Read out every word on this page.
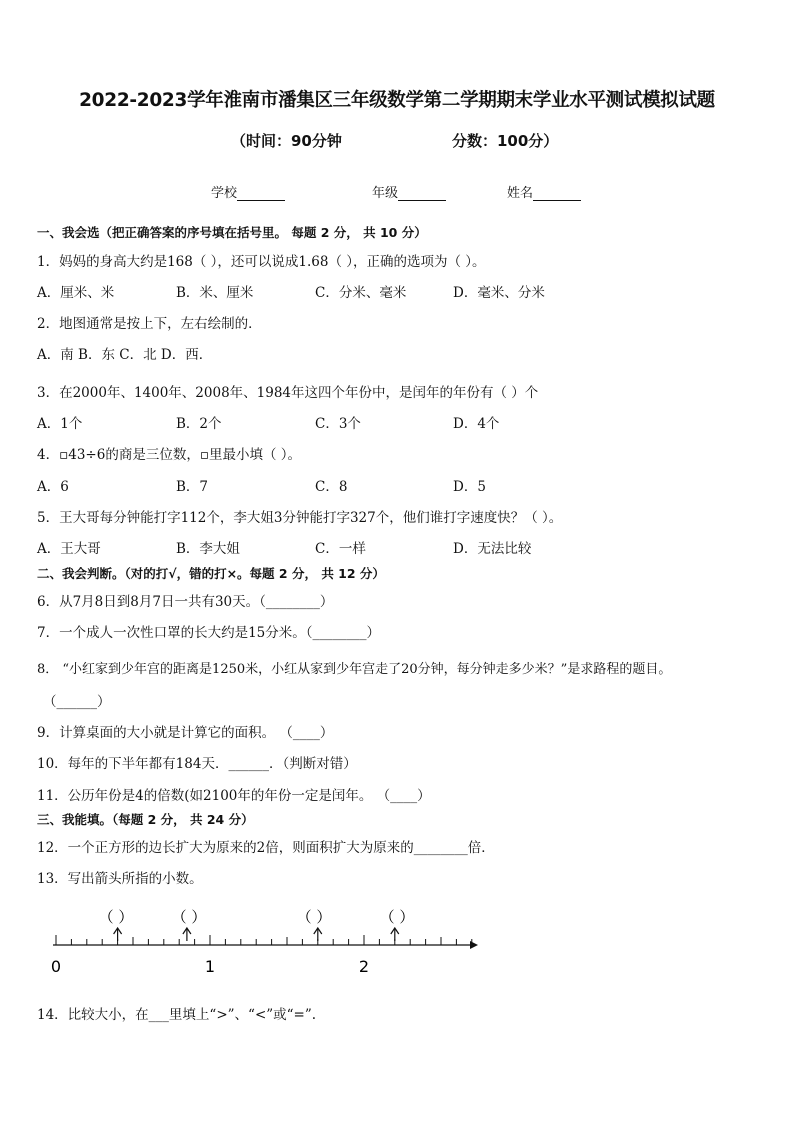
2022-2023学年淮南市潘集区三年级数学第二学期期末学业水平测试模拟试题
（时间：90分钟	分数：100分）
学校	年级	姓名
一、我会选（把正确答案的序号填在括号里。 每题 2 分， 共 10 分）
1．妈妈的身高大约是168（ ），还可以说成1.68（ ），正确的选项为（ ）。
A．厘米、米	B．米、厘米	C．分米、毫米	D．毫米、分米
2．地图通常是按上下，左右绘制的．
A．南 B．东 C．北 D．西．
3．在2000年、1400年、2008年、1984年这四个年份中，是闰年的年份有（ ）个
A．1个	B．2个	C．3个	D．4个
4．▫43÷6的商是三位数，▫里最小填（ ）。
A．6	B．7	C．8	D．5
5．王大哥每分钟能打字112个，李大姐3分钟能打字327个，他们谁打字速度快？（ ）。
A．王大哥	B．李大姐	C．一样	D．无法比较
二、我会判断。（对的打√，错的打×。每题 2 分， 共 12 分）
6．从7月8日到8月7日一共有30天。（________）
7．一个成人一次性口罩的长大约是15分米。（________）
8． “小红家到少年宫的距离是1250米，小红从家到少年宫走了20分钟，每分钟走多少米？”是求路程的题目。
（______）
9．计算桌面的大小就是计算它的面积。 （____）
10．每年的下半年都有184天．______．（判断对错）
11．公历年份是4的倍数(如2100年的年份一定是闰年。 （____）
三、我能填。（每题 2 分， 共 24 分）
12．一个正方形的边长扩大为原来的2倍，则面积扩大为原来的________倍．
13．写出箭头所指的小数。
0	1	2
（ ）	（ ）	（ ）	（ ）
14．比较大小，在___里填上“>”、“<”或“=”.
